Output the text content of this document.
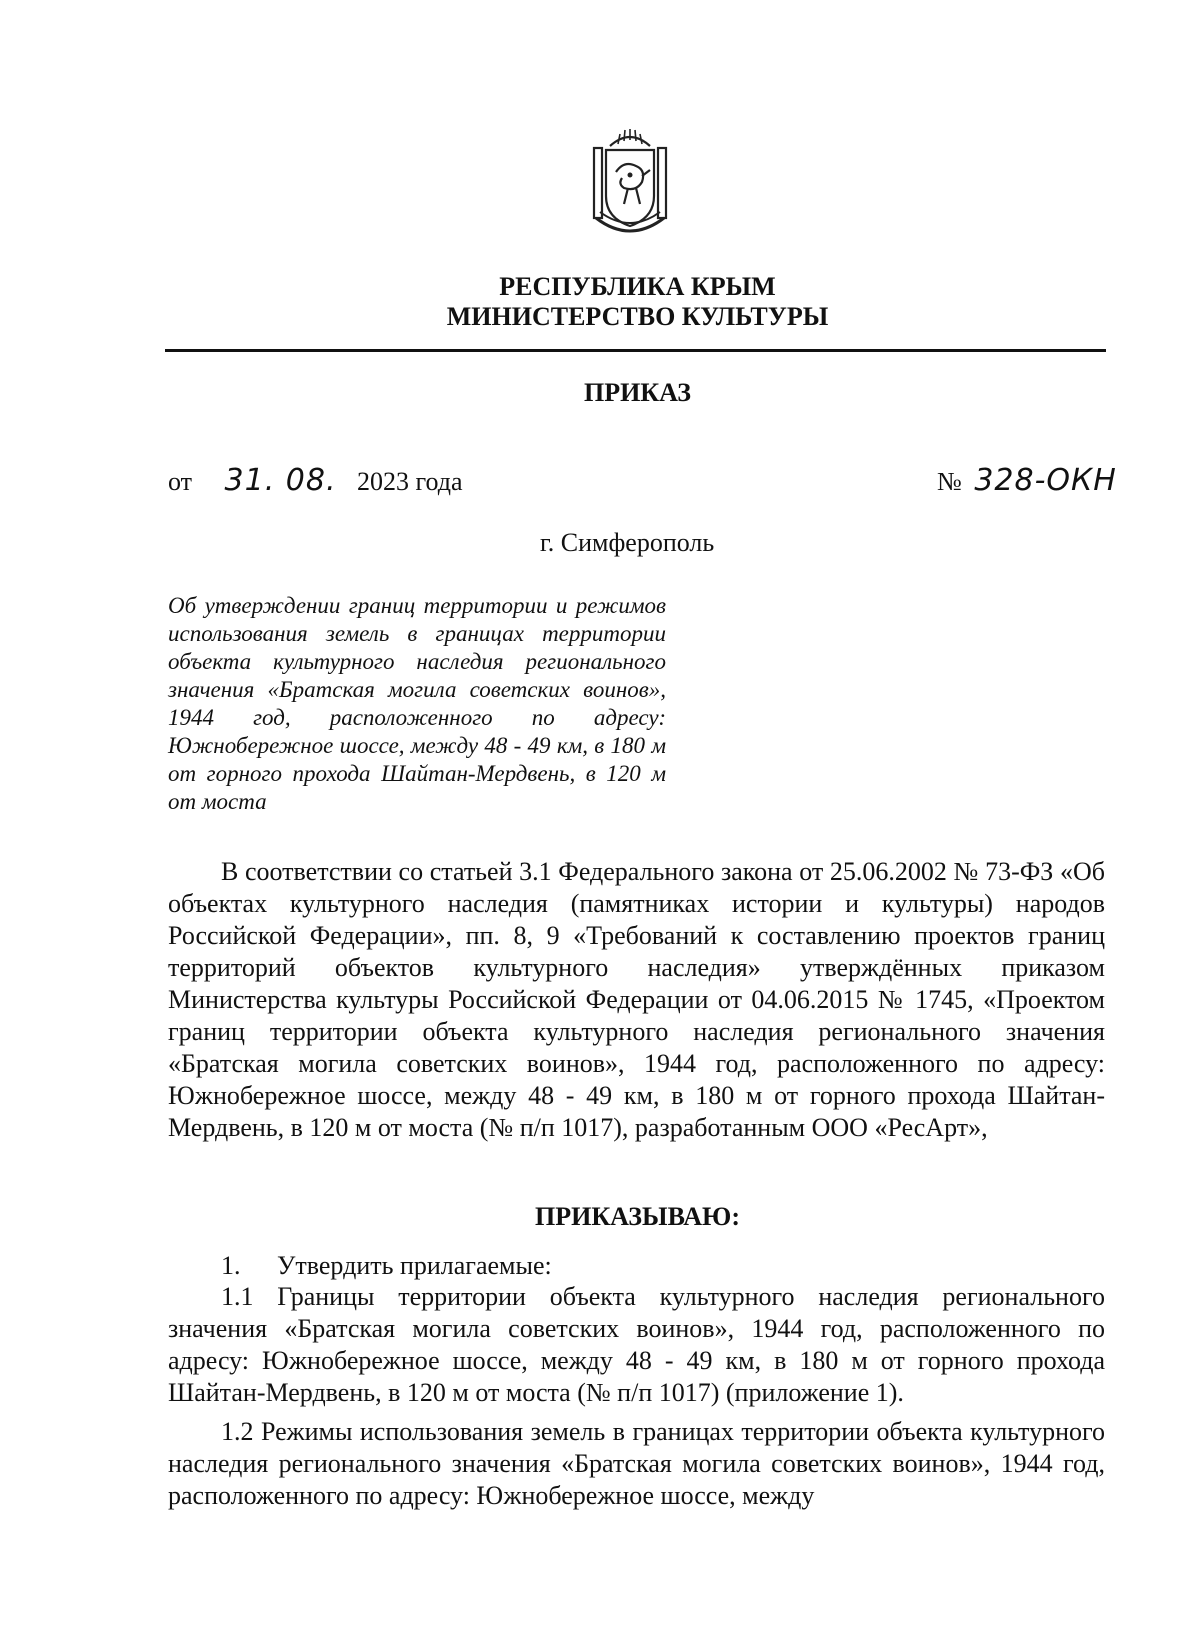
РЕСПУБЛИКА КРЫМ
МИНИСТЕРСТВО КУЛЬТУРЫ
ПРИКАЗ
от 31. 08. 2023 года	№ 328-ОКН
г. Симферополь

Об утверждении границ территории и режимов использования земель в границах территории объекта культурного наследия регионального значения «Братская могила советских воинов», 1944 год, расположенного по адресу: Южнобережное шоссе, между 48 - 49 км, в 180 м от горного прохода Шайтан-Мердвень, в 120 м от моста

В соответствии со статьей 3.1 Федерального закона от 25.06.2002 № 73-ФЗ «Об объектах культурного наследия (памятниках истории и культуры) народов Российской Федерации», пп. 8, 9 «Требований к составлению проектов границ территорий объектов культурного наследия» утверждённых приказом Министерства культуры Российской Федерации от 04.06.2015 № 1745, «Проектом границ территории объекта культурного наследия регионального значения «Братская могила советских воинов», 1944 год, расположенного по адресу: Южнобережное шоссе, между 48 - 49 км, в 180 м от горного прохода Шайтан-Мердвень, в 120 м от моста (№ п/п 1017), разработанным ООО «РесАрт»,

ПРИКАЗЫВАЮ:
1. Утвердить прилагаемые:

1.1 Границы территории объекта культурного наследия регионального значения «Братская могила советских воинов», 1944 год, расположенного по адресу: Южнобережное шоссе, между 48 - 49 км, в 180 м от горного прохода Шайтан-Мердвень, в 120 м от моста (№ п/п 1017) (приложение 1).

1.2 Режимы использования земель в границах территории объекта культурного наследия регионального значения «Братская могила советских воинов», 1944 год, расположенного по адресу: Южнобережное шоссе, между
